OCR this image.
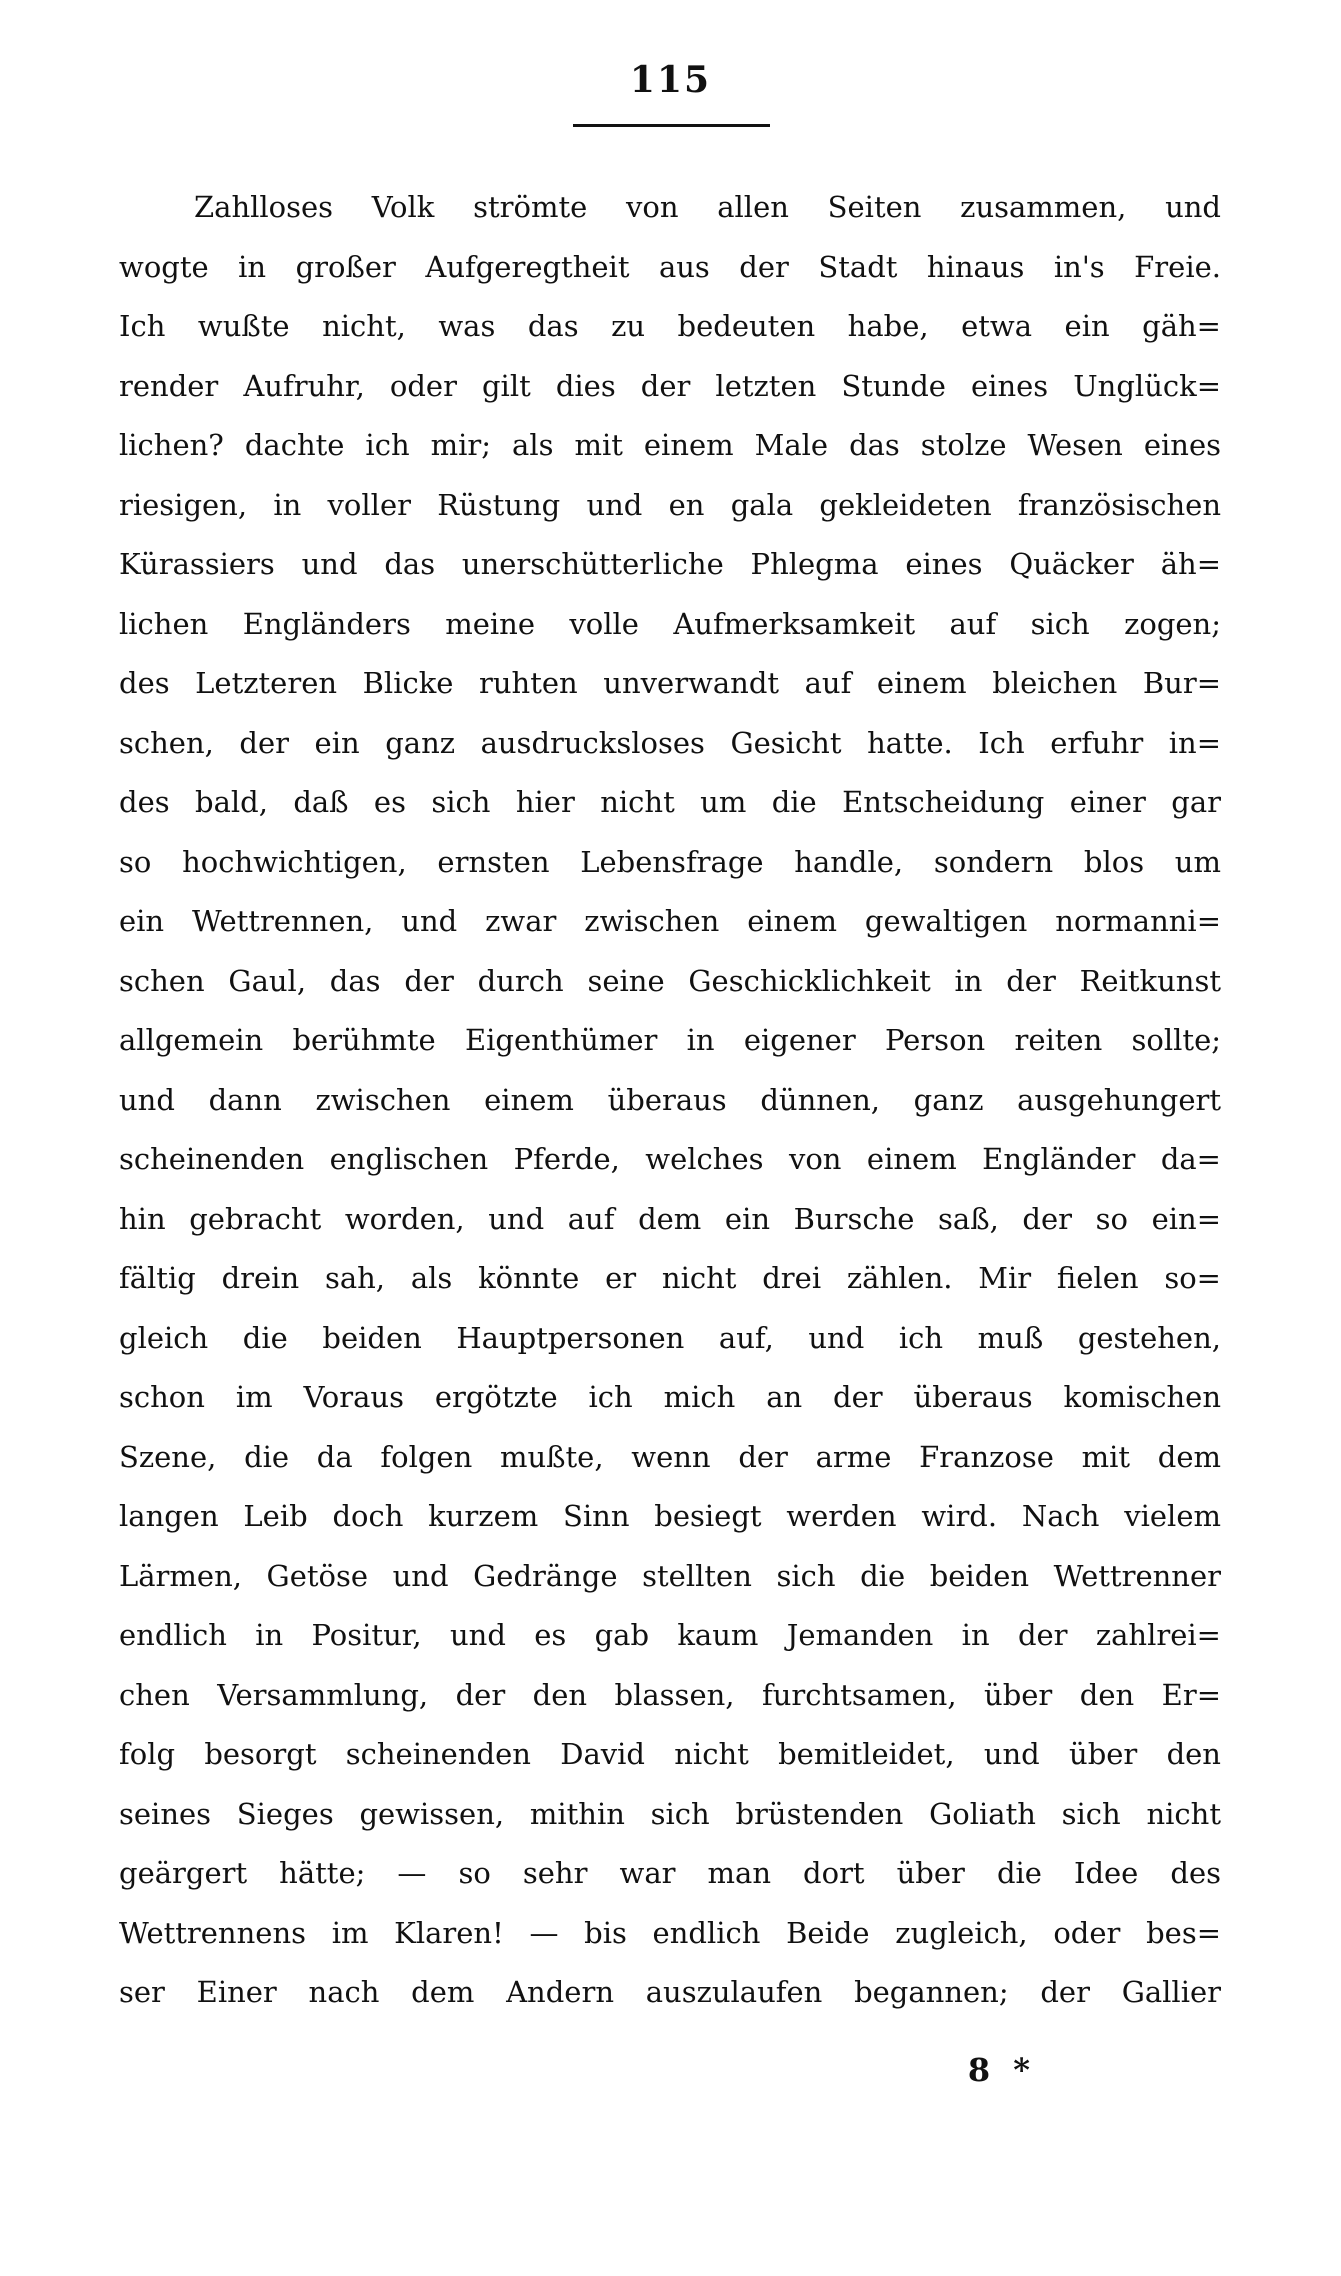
115
Zahlloses Volk strömte von allen Seiten zusammen, und
wogte in großer Aufgeregtheit aus der Stadt hinaus in's Freie.
Ich wußte nicht, was das zu bedeuten habe, etwa ein gäh=
render Aufruhr, oder gilt dies der letzten Stunde eines Unglück=
lichen? dachte ich mir; als mit einem Male das stolze Wesen eines
riesigen, in voller Rüstung und en gala gekleideten französischen
Kürassiers und das unerschütterliche Phlegma eines Quäcker äh=
lichen Engländers meine volle Aufmerksamkeit auf sich zogen;
des Letzteren Blicke ruhten unverwandt auf einem bleichen Bur=
schen, der ein ganz ausdrucksloses Gesicht hatte. Ich erfuhr in=
des bald, daß es sich hier nicht um die Entscheidung einer gar
so hochwichtigen, ernsten Lebensfrage handle, sondern blos um
ein Wettrennen, und zwar zwischen einem gewaltigen normanni=
schen Gaul, das der durch seine Geschicklichkeit in der Reitkunst
allgemein berühmte Eigenthümer in eigener Person reiten sollte;
und dann zwischen einem überaus dünnen, ganz ausgehungert
scheinenden englischen Pferde, welches von einem Engländer da=
hin gebracht worden, und auf dem ein Bursche saß, der so ein=
fältig drein sah, als könnte er nicht drei zählen. Mir fielen so=
gleich die beiden Hauptpersonen auf, und ich muß gestehen,
schon im Voraus ergötzte ich mich an der überaus komischen
Szene, die da folgen mußte, wenn der arme Franzose mit dem
langen Leib doch kurzem Sinn besiegt werden wird. Nach vielem
Lärmen, Getöse und Gedränge stellten sich die beiden Wettrenner
endlich in Positur, und es gab kaum Jemanden in der zahlrei=
chen Versammlung, der den blassen, furchtsamen, über den Er=
folg besorgt scheinenden David nicht bemitleidet, und über den
seines Sieges gewissen, mithin sich brüstenden Goliath sich nicht
geärgert hätte; — so sehr war man dort über die Idee des
Wettrennens im Klaren! — bis endlich Beide zugleich, oder bes=
ser Einer nach dem Andern auszulaufen begannen; der Gallier
8 *
